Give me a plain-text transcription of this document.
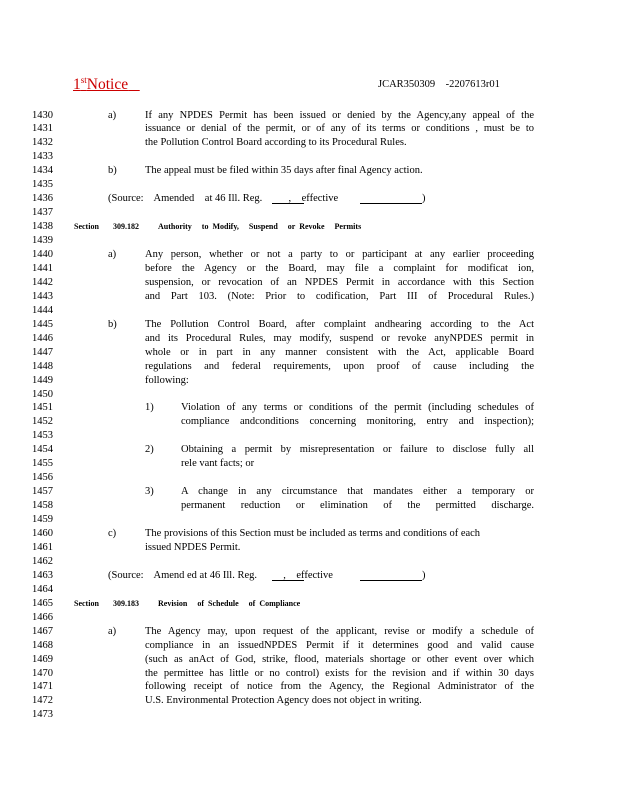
1stNotice	JCAR350309    -2207613r01
1430	a)	If any NPDES Permit has been issued or denied by the Agency,any appeal of the
1431	issuance or denial of the permit, or of any of its terms or conditions , must be to
1432	the Pollution Control Board according to its Procedural Rules.
1433
1434	b)	The appeal must be filed within 35 days after final Agency action.
1435
1436	(Source:    Amended    at 46 Ill. Reg.          ,    effective	)
1437
1438	Section 309.182 Authority     to  Modify,     Suspend     or  Revoke     Permits
1439
1440	a)	Any person, whether or not a party to or participant at any earlier proceeding
1441	before the Agency or the Board, may file a complaint for modificat ion,
1442	suspension, or revocation of an NPDES Permit in accordance with this Section
1443	and Part 103. (Note: Prior to codification, Part III of Procedural Rules.)
1444
1445	b)	The Pollution Control Board, after complaint andhearing according to the Act
1446	and its Procedural Rules, may modify, suspend or revoke anyNPDES permit in
1447	whole or in part in any manner consistent with the Act, applicable Board
1448	regulations and federal requirements, upon proof of cause including the
1449	following:
1450
1451	1)	Violation of any terms or conditions of the permit (including schedules of
1452	compliance andconditions concerning monitoring, entry and inspection);
1453
1454	2)	Obtaining a permit by misrepresentation or failure to disclose fully all
1455	rele vant facts; or
1456
1457	3)	A change in any circumstance that mandates either a temporary or
1458	permanent reduction or elimination of the permitted discharge.
1459
1460	c)	The provisions of this Section must be included as terms and conditions of each
1461	issued NPDES Permit.
1462
1463	(Source:    Amend ed at 46 Ill. Reg.          ,    effective	)
1464
1465	Section 309.183 Revision     of  Schedule     of  Compliance
1466
1467	a)	The Agency may, upon request of the applicant, revise or modify a schedule of
1468	compliance in an issuedNPDES Permit if it determines good and valid cause
1469	(such as anAct of God, strike, flood, materials shortage or other event over which
1470	the permittee has little or no control) exists for the revision and if within 30 days
1471	following receipt of notice from the Agency, the Regional Administrator of the
1472	U.S. Environmental Protection Agency does not object in writing.
1473
